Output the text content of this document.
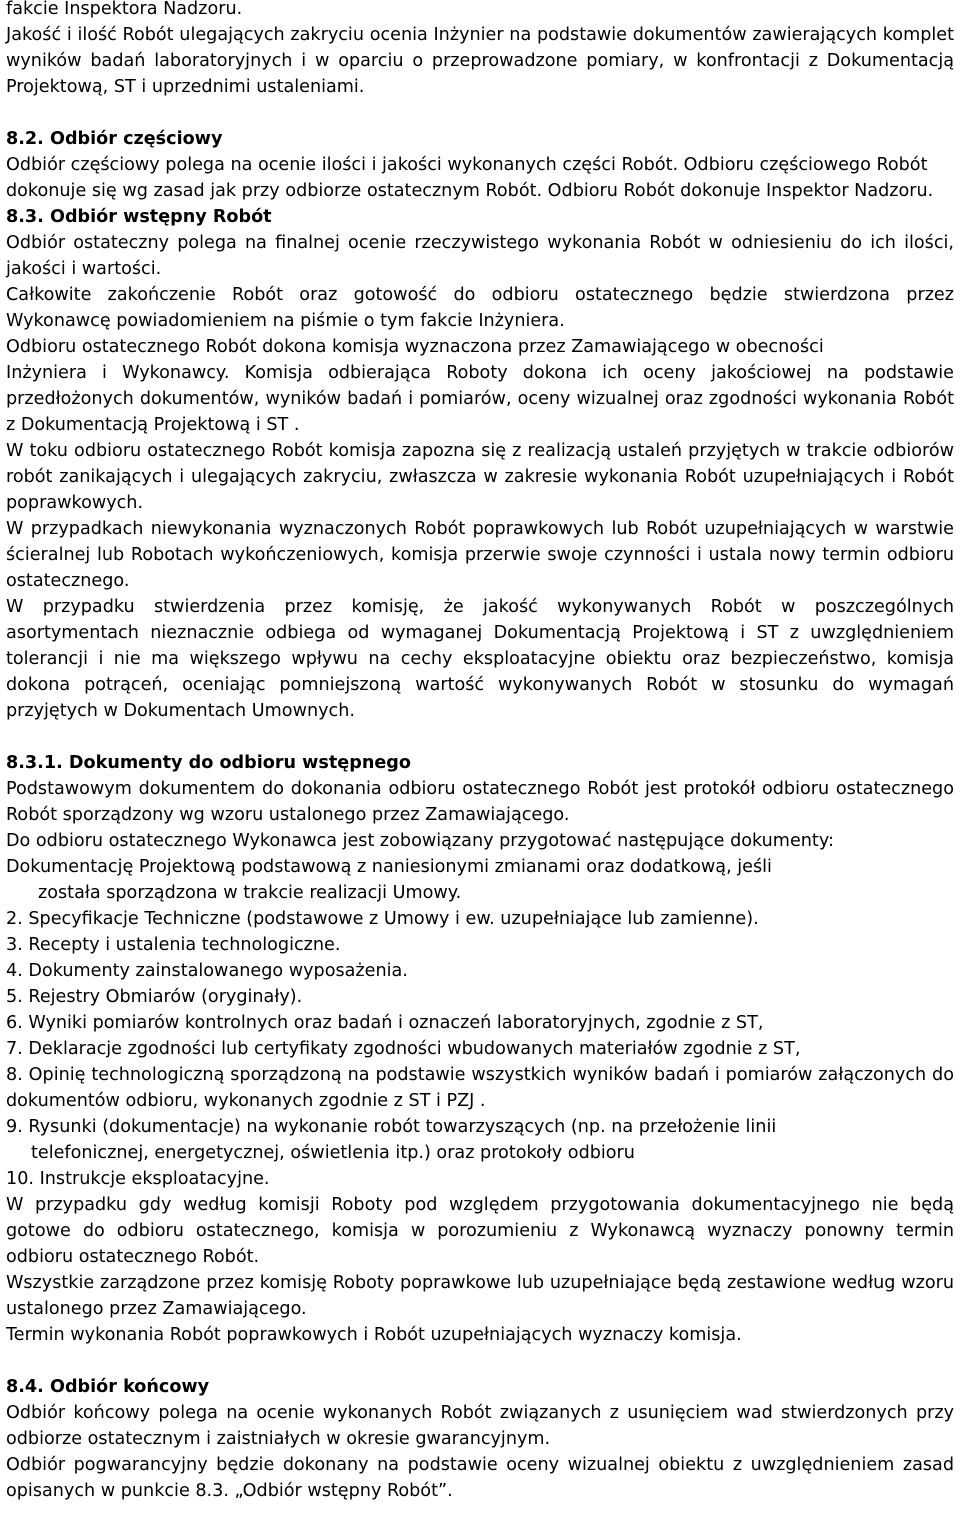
fakcie Inspektora Nadzoru.

Jakość i ilość Robót ulegających zakryciu ocenia Inżynier na podstawie dokumentów zawierających komplet wyników badań laboratoryjnych i w oparciu o przeprowadzone pomiary, w konfrontacji z Dokumentacją Projektową, ST i uprzednimi ustaleniami.

8.2. Odbiór częściowy

Odbiór częściowy polega na ocenie ilości i jakości wykonanych części Robót. Odbioru częściowego Robót dokonuje się wg zasad jak przy odbiorze ostatecznym Robót. Odbioru Robót dokonuje Inspektor Nadzoru.

8.3. Odbiór wstępny Robót

Odbiór ostateczny polega na finalnej ocenie rzeczywistego wykonania Robót w odniesieniu do ich ilości, jakości i wartości.

Całkowite zakończenie Robót oraz gotowość do odbioru ostatecznego będzie stwierdzona przez Wykonawcę powiadomieniem na piśmie o tym fakcie Inżyniera.

Odbioru ostatecznego Robót dokona komisja wyznaczona przez Zamawiającego w obecności

Inżyniera i Wykonawcy. Komisja odbierająca Roboty dokona ich oceny jakościowej na podstawie przedłożonych dokumentów, wyników badań i pomiarów, oceny wizualnej oraz zgodności wykonania Robót z Dokumentacją Projektową i ST .

W toku odbioru ostatecznego Robót komisja zapozna się z realizacją ustaleń przyjętych w trakcie odbiorów robót zanikających i ulegających zakryciu, zwłaszcza w zakresie wykonania Robót uzupełniających i Robót poprawkowych.

W przypadkach niewykonania wyznaczonych Robót poprawkowych lub Robót uzupełniających w warstwie ścieralnej lub Robotach wykończeniowych, komisja przerwie swoje czynności i ustala nowy termin odbioru ostatecznego.

W przypadku stwierdzenia przez komisję, że jakość wykonywanych Robót w poszczególnych asortymentach nieznacznie odbiega od wymaganej Dokumentacją Projektową i ST z uwzględnieniem tolerancji i nie ma większego wpływu na cechy eksploatacyjne obiektu oraz bezpieczeństwo, komisja dokona potrąceń, oceniając pomniejszoną wartość wykonywanych Robót w stosunku do wymagań przyjętych w Dokumentach Umownych.

8.3.1. Dokumenty do odbioru wstępnego

Podstawowym dokumentem do dokonania odbioru ostatecznego Robót jest protokół odbioru ostatecznego Robót sporządzony wg wzoru ustalonego przez Zamawiającego.

Do odbioru ostatecznego Wykonawca jest zobowiązany przygotować następujące dokumenty:

Dokumentację Projektową podstawową z naniesionymi zmianami oraz dodatkową, jeśli

została sporządzona w trakcie realizacji Umowy.

2. Specyfikacje Techniczne (podstawowe z Umowy i ew. uzupełniające lub zamienne).

3. Recepty i ustalenia technologiczne.

4. Dokumenty zainstalowanego wyposażenia.

5. Rejestry Obmiarów (oryginały).

6. Wyniki pomiarów kontrolnych oraz badań i oznaczeń laboratoryjnych, zgodnie z ST,

7. Deklaracje zgodności lub certyfikaty zgodności wbudowanych materiałów zgodnie z ST,

8. Opinię technologiczną sporządzoną na podstawie wszystkich wyników badań i pomiarów załączonych do dokumentów odbioru, wykonanych zgodnie z ST i PZJ .

9. Rysunki (dokumentacje) na wykonanie robót towarzyszących (np. na przełożenie linii

telefonicznej, energetycznej, oświetlenia itp.) oraz protokoły odbioru

10. Instrukcje eksploatacyjne.

W przypadku gdy według komisji Roboty pod względem przygotowania dokumentacyjnego nie będą gotowe do odbioru ostatecznego, komisja w porozumieniu z Wykonawcą wyznaczy ponowny termin odbioru ostatecznego Robót.

Wszystkie zarządzone przez komisję Roboty poprawkowe lub uzupełniające będą zestawione według wzoru ustalonego przez Zamawiającego.

Termin wykonania Robót poprawkowych i Robót uzupełniających wyznaczy komisja.

8.4. Odbiór końcowy

Odbiór końcowy polega na ocenie wykonanych Robót związanych z usunięciem wad stwierdzonych przy odbiorze ostatecznym i zaistniałych w okresie gwarancyjnym.

Odbiór pogwarancyjny będzie dokonany na podstawie oceny wizualnej obiektu z uwzględnieniem zasad opisanych w punkcie 8.3. „Odbiór wstępny Robót”.
